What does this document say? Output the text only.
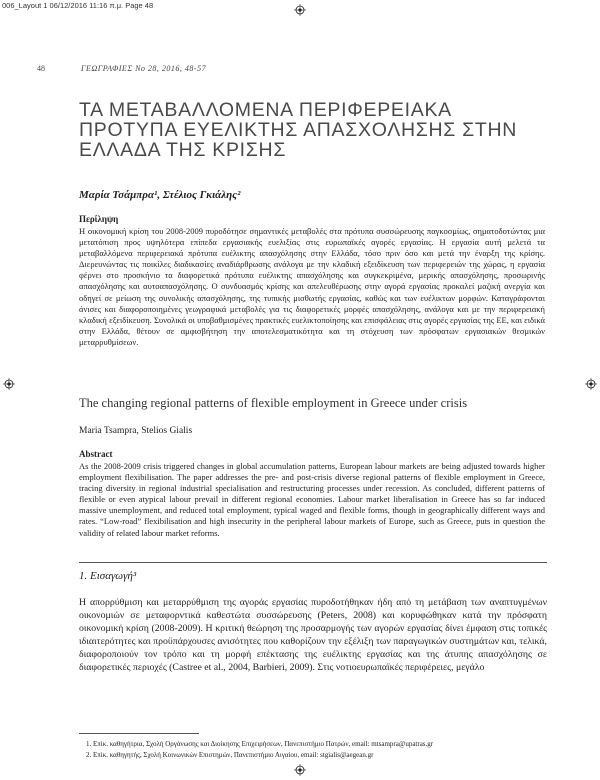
006_Layout 1 06/12/2016 11:16 π.μ. Page 48
48	ΓΕΩΓΡΑΦΙΕΣ Νο 28, 2016, 48-57
ΤΑ ΜΕΤΑΒΑΛΛΟΜΕΝΑ ΠΕΡΙΦΕΡΕΙΑΚΑ ΠΡΟΤΥΠΑ ΕΥΕΛΙΚΤΗΣ ΑΠΑΣΧΟΛΗΣΗΣ ΣΤΗΝ ΕΛΛΑΔΑ ΤΗΣ ΚΡΙΣΗΣ
Μαρία Τσάμπρα¹, Στέλιος Γκιάλης²
Περίληψη

Η οικονομική κρίση του 2008-2009 πυροδότησε σημαντικές μεταβολές στα πρότυπα συσσώρευσης παγκοσμίως, σηματοδοτώντας μια μετατόπιση προς υψηλότερα επίπεδα εργασιακής ευελιξίας στις ευρωπαϊκές αγορές εργασίας. Η εργασία αυτή μελετά τα μεταβαλλόμενα περιφερειακά πρότυπα ευέλικτης απασχόλησης στην Ελλάδα, τόσο πριν όσο και μετά την έναρξη της κρίσης. Διερευνώντας τις ποικίλες διαδικασίες αναδιάρθρωσης ανάλογα με την κλαδική εξειδίκευση των περιφερειών της χώρας, η εργασία φέρνει στο προσκήνιο τα διαφορετικά πρότυπα ευέλικτης απασχόλησης και συγκεκριμένα, μερικής απασχόλησης, προσωρινής απασχόλησης και αυτοαπασχόλησης. Ο συνδυασμός κρίσης και απελευθέρωσης στην αγορά εργασίας προκαλεί μαζική ανεργία και οδηγεί σε μείωση της συνολικής απασχόλησης, της τυπικής μισθωτής εργασίας, καθώς και των ευέλικτων μορφών. Καταγράφονται άνισες και διαφοροποιημένες γεωγραφικά μεταβολές για τις διαφορετικές μορφές απασχόλησης, ανάλογα και με την περιφερειακή κλαδική εξειδίκευση. Συνολικά οι υποβαθμισμένες πρακτικές ευελικτοποίησης και επισφάλειας στις αγορές εργασίας της ΕΕ, και ειδικά στην Ελλάδα, θέτουν σε αμφισβήτηση την αποτελεσματικότητα και τη στόχευση των πρόσφατων εργασιακών θεσμικών μεταρρυθμίσεων.

The changing regional patterns of flexible employment in Greece under crisis
Maria Tsampra, Stelios Gialis
Abstract

As the 2008-2009 crisis triggered changes in global accumulation patterns, European labour markets are being adjusted towards higher employment flexibilisation. The paper addresses the pre- and post-crisis diverse regional patterns of flexible employment in Greece, tracing diversity in regional industrial specialisation and restructuring processes under recession. As concluded, different patterns of flexible or even atypical labour prevail in different regional economies. Labour market liberalisation in Greece has so far induced massive unemployment, and reduced total employment, typical waged and flexible forms, though in geographically different ways and rates. “Low-road” flexibilisation and high insecurity in the peripheral labour markets of Europe, such as Greece, puts in question the validity of related labour market reforms.

1. Εισαγωγή³

Η απορρύθμιση και μεταρρύθμιση της αγοράς εργασίας πυροδοτήθηκαν ήδη από τη μετάβαση των αναπτυγμένων οικονομιών σε μεταφορντικά καθεστώτα συσσώρευσης (Peters, 2008) και κορυφώθηκαν κατά την πρόσφατη οικονομική κρίση (2008-2009). Η κριτική θεώρηση της προσαρμογής των αγορών εργασίας δίνει έμφαση στις τοπικές ιδιαιτερότητες και προϋπάρχουσες ανισότητες που καθορίζουν την εξέλιξη των παραγωγικών συστημάτων και, τελικά, διαφοροποιούν τον τρόπο και τη μορφή επέκτασης της ευέλικτης εργασίας και της άτυπης απασχόλησης σε διαφορετικές περιοχές (Castree et al., 2004, Barbieri, 2009). Στις νοτιοευρωπαϊκές περιφέρειες, μεγάλο

1. Επίκ. καθηγήτρια, Σχολή Οργάνωσης και Διοίκησης Επιχειρήσεων, Πανεπιστήμιο Πατρών, email: mtsampra@upatras.gr
2. Επίκ. καθηγητής, Σχολή Κοινωνικών Επιστημών, Πανεπιστήμιο Αιγαίου, email: stgialis@aegean.gr
